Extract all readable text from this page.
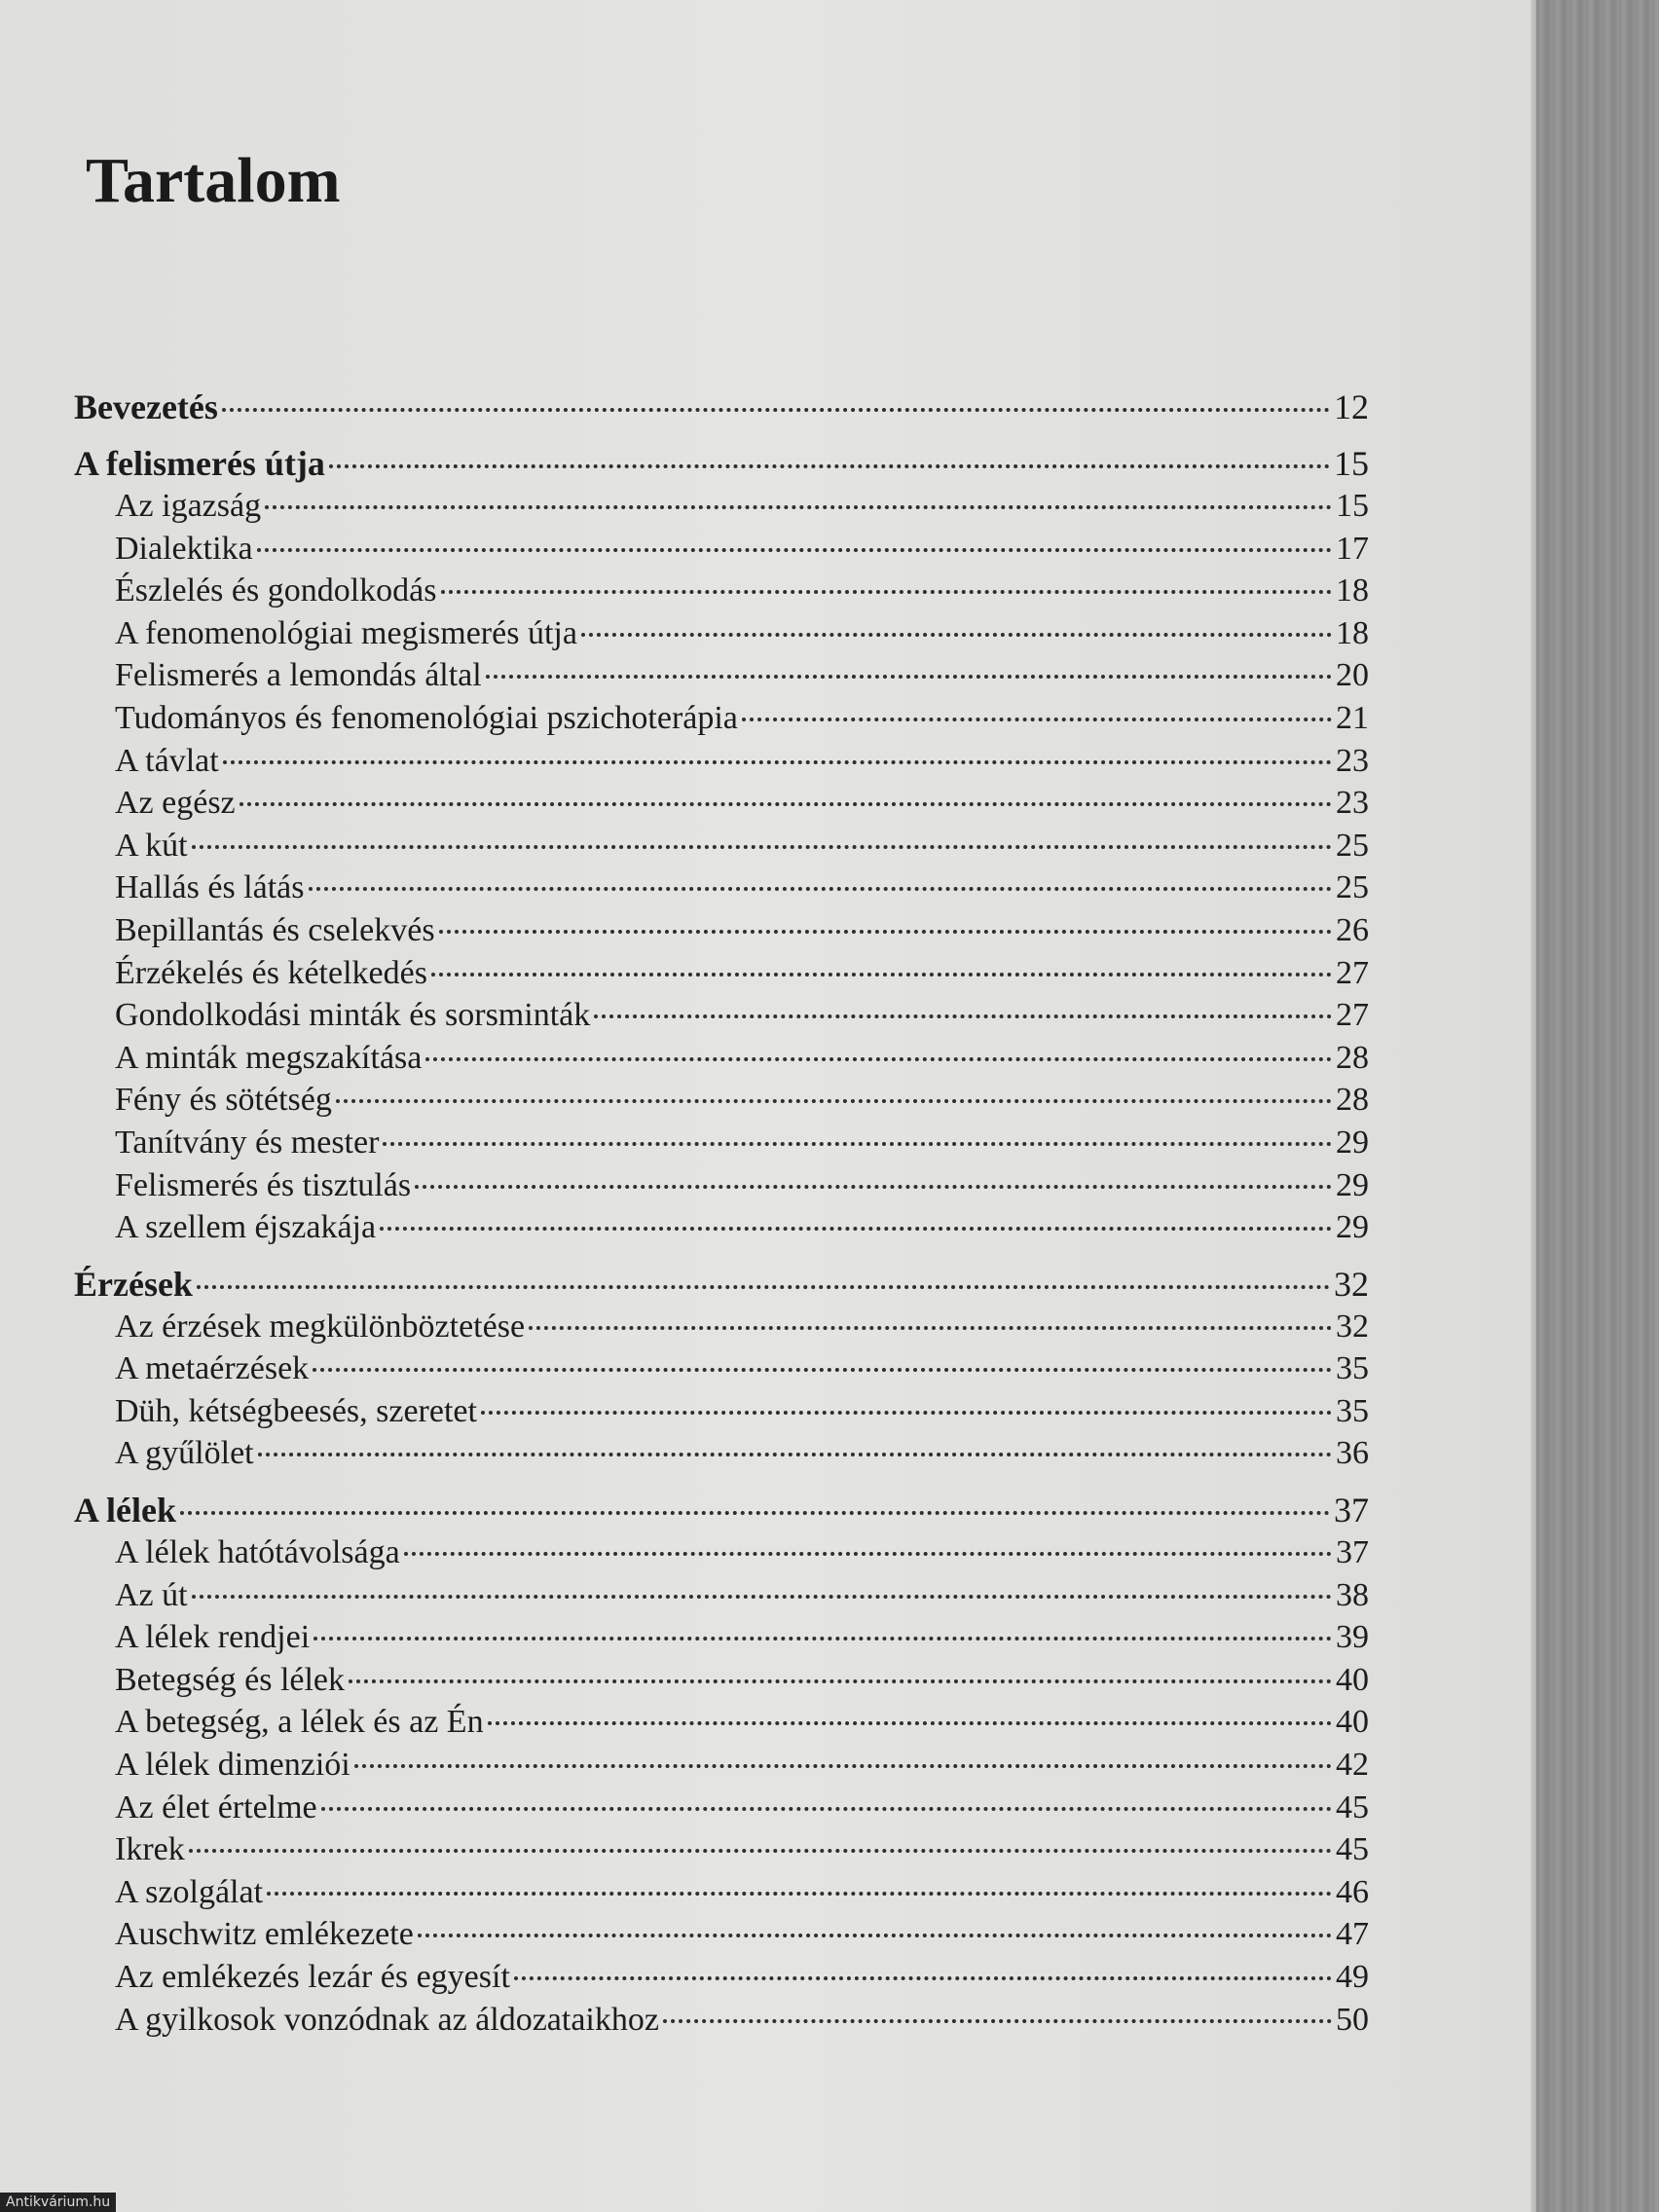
Tartalom
Bevezetés	12
A felismerés útja	15
Az igazság	15
Dialektika	17
Észlelés és gondolkodás	18
A fenomenológiai megismerés útja	18
Felismerés a lemondás által	20
Tudományos és fenomenológiai pszichoterápia	21
A távlat	23
Az egész	23
A kút	25
Hallás és látás	25
Bepillantás és cselekvés	26
Érzékelés és kételkedés	27
Gondolkodási minták és sorsminták	27
A minták megszakítása	28
Fény és sötétség	28
Tanítvány és mester	29
Felismerés és tisztulás	29
A szellem éjszakája	29
Érzések	32
Az érzések megkülönböztetése	32
A metaérzések	35
Düh, kétségbeesés, szeretet	35
A gyűlölet	36
A lélek	37
A lélek hatótávolsága	37
Az út	38
A lélek rendjei	39
Betegség és lélek	40
A betegség, a lélek és az Én	40
A lélek dimenziói	42
Az élet értelme	45
Ikrek	45
A szolgálat	46
Auschwitz emlékezete	47
Az emlékezés lezár és egyesít	49
A gyilkosok vonzódnak az áldozataikhoz	50
Antikvárium.hu
